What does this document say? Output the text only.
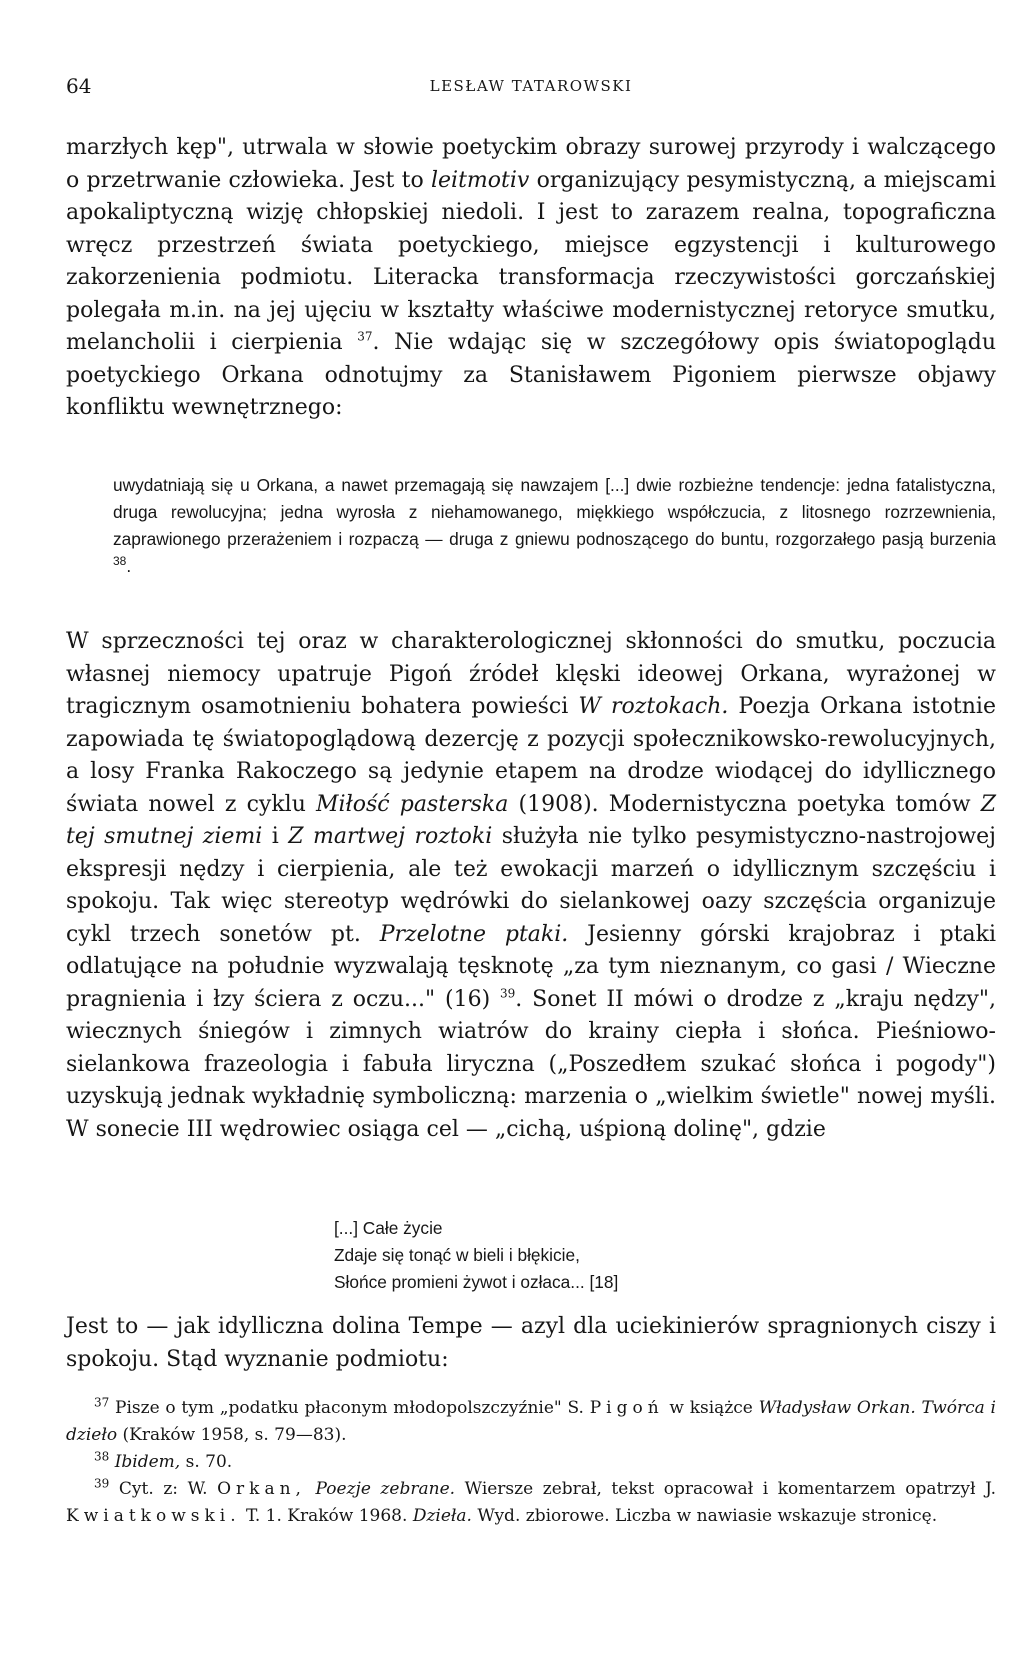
64	LESŁAW TATAROWSKI

marzłych kęp", utrwala w słowie poetyckim obrazy surowej przyrody i walczącego o przetrwanie człowieka. Jest to leitmotiv organizujący pesymistyczną, a miejscami apokaliptyczną wizję chłopskiej niedoli. I jest to zarazem realna, topograficzna wręcz przestrzeń świata poetyckiego, miejsce egzystencji i kulturowego zakorzenienia podmiotu. Literacka transformacja rzeczywistości gorczańskiej polegała m.in. na jej ujęciu w kształty właściwe modernistycznej retoryce smutku, melancholii i cierpienia $^{37}$. Nie wdając się w szczegółowy opis światopoglądu poetyckiego Orkana odnotujmy za Stanisławem Pigoniem pierwsze objawy konfliktu wewnętrznego:

uwydatniają się u Orkana, a nawet przemagają się nawzajem [...] dwie rozbieżne tendencje: jedna fatalistyczna, druga rewolucyjna; jedna wyrosła z niehamowanego, miękkiego współczucia, z litosnego rozrzewnienia, zaprawionego przerażeniem i rozpaczą — druga z gniewu podnoszącego do buntu, rozgorzałego pasją burzenia $^{38}$.

W sprzeczności tej oraz w charakterologicznej skłonności do smutku, poczucia własnej niemocy upatruje Pigoń źródeł klęski ideowej Orkana, wyrażonej w tragicznym osamotnieniu bohatera powieści W roztokach. Poezja Orkana istotnie zapowiada tę światopoglądową dezercję z pozycji społecznikowsko-rewolucyjnych, a losy Franka Rakoczego są jedynie etapem na drodze wiodącej do idyllicznego świata nowel z cyklu Miłość pasterska (1908). Modernistyczna poetyka tomów Z tej smutnej ziemi i Z martwej roztoki służyła nie tylko pesymistyczno-nastrojowej ekspresji nędzy i cierpienia, ale też ewokacji marzeń o idyllicznym szczęściu i spokoju. Tak więc stereotyp wędrówki do sielankowej oazy szczęścia organizuje cykl trzech sonetów pt. Przelotne ptaki. Jesienny górski krajobraz i ptaki odlatujące na południe wyzwalają tęsknotę „za tym nieznanym, co gasi / Wieczne pragnienia i łzy ściera z oczu..." (16) $^{39}$. Sonet II mówi o drodze z „kraju nędzy", wiecznych śniegów i zimnych wiatrów do krainy ciepła i słońca. Pieśniowo-sielankowa frazeologia i fabuła liryczna („Poszedłem szukać słońca i pogody") uzyskują jednak wykładnię symboliczną: marzenia o „wielkim świetle" nowej myśli. W sonecie III wędrowiec osiąga cel — „cichą, uśpioną dolinę", gdzie

[...] Całe życie
Zdaje się tonąć w bieli i błękicie,
Słońce promieni żywot i ozłaca... [18]

Jest to — jak idylliczna dolina Tempe — azyl dla uciekinierów spragnionych ciszy i spokoju. Stąd wyznanie podmiotu:

$^{37}$ Pisze o tym „podatku płaconym młodopolszczyźnie" S. Pigoń w książce Władysław Orkan. Twórca i dzieło (Kraków 1958, s. 79—83).

$^{38}$ Ibidem, s. 70.

$^{39}$ Cyt. z: W. Orkan, Poezje zebrane. Wiersze zebrał, tekst opracował i komentarzem opatrzył J. Kwiatkowski. T. 1. Kraków 1968. Dzieła. Wyd. zbiorowe. Liczba w nawiasie wskazuje stronicę.
